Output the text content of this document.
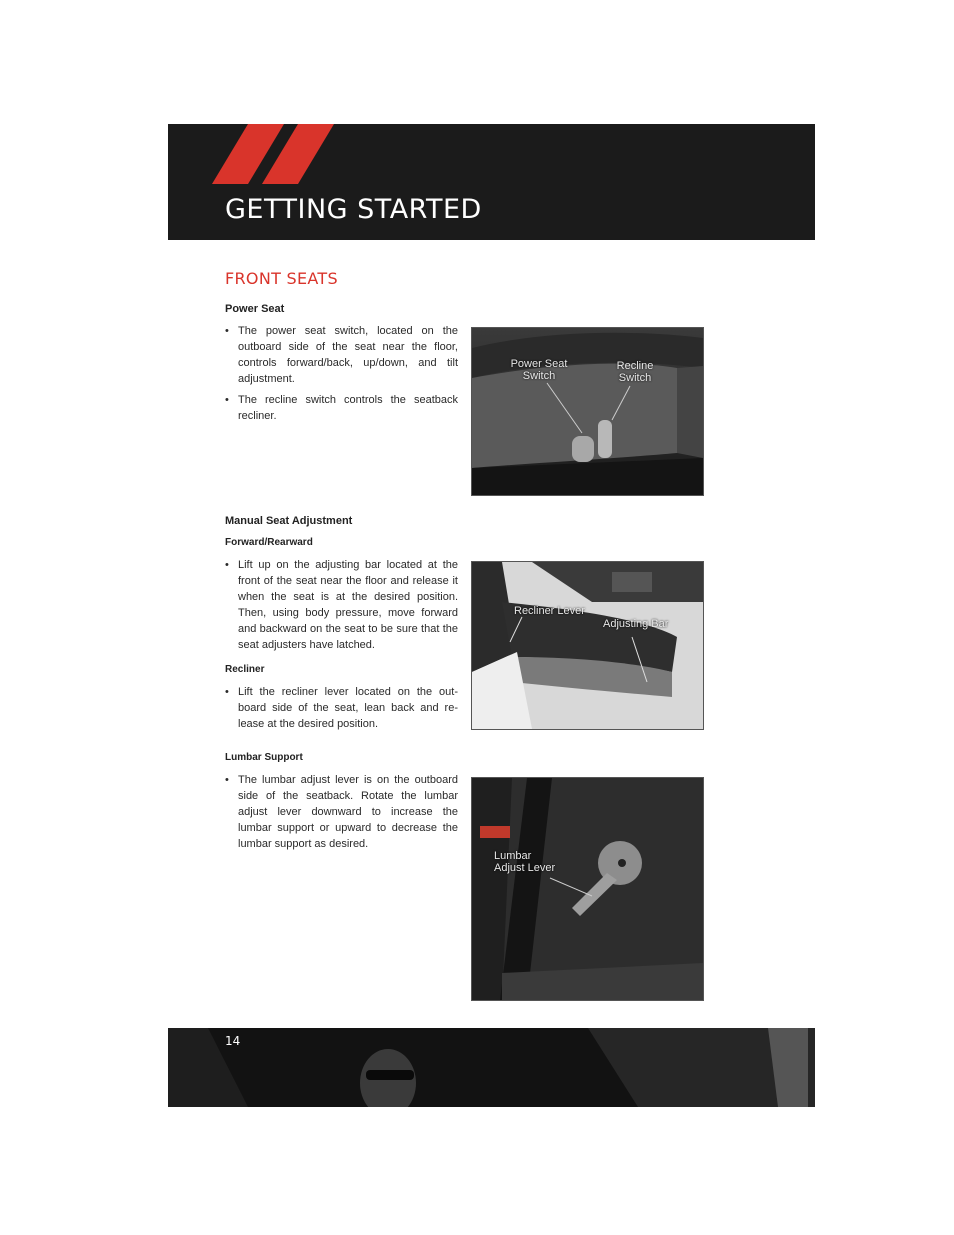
GETTING STARTED
FRONT SEATS
Power Seat
• The power seat switch, located on the outboard side of the seat near the floor, controls forward/back, up/down, and tilt adjustment.
• The recline switch controls the seatback recliner.
Power Seat
Switch
Recline
Switch
Manual Seat Adjustment
Forward/Rearward
• Lift up on the adjusting bar located at the front of the seat near the floor and release it when the seat is at the desired position. Then, using body pressure, move forward and backward on the seat to be sure that the seat adjusters have latched.
Recliner
• Lift the recliner lever located on the out-board side of the seat, lean back and re-lease at the desired position.
Recliner Lever
Adjusting Bar
Lumbar Support
• The lumbar adjust lever is on the outboard side of the seatback. Rotate the lumbar adjust lever downward to increase the lumbar support or upward to decrease the lumbar support as desired.
Lumbar
Adjust Lever
14
